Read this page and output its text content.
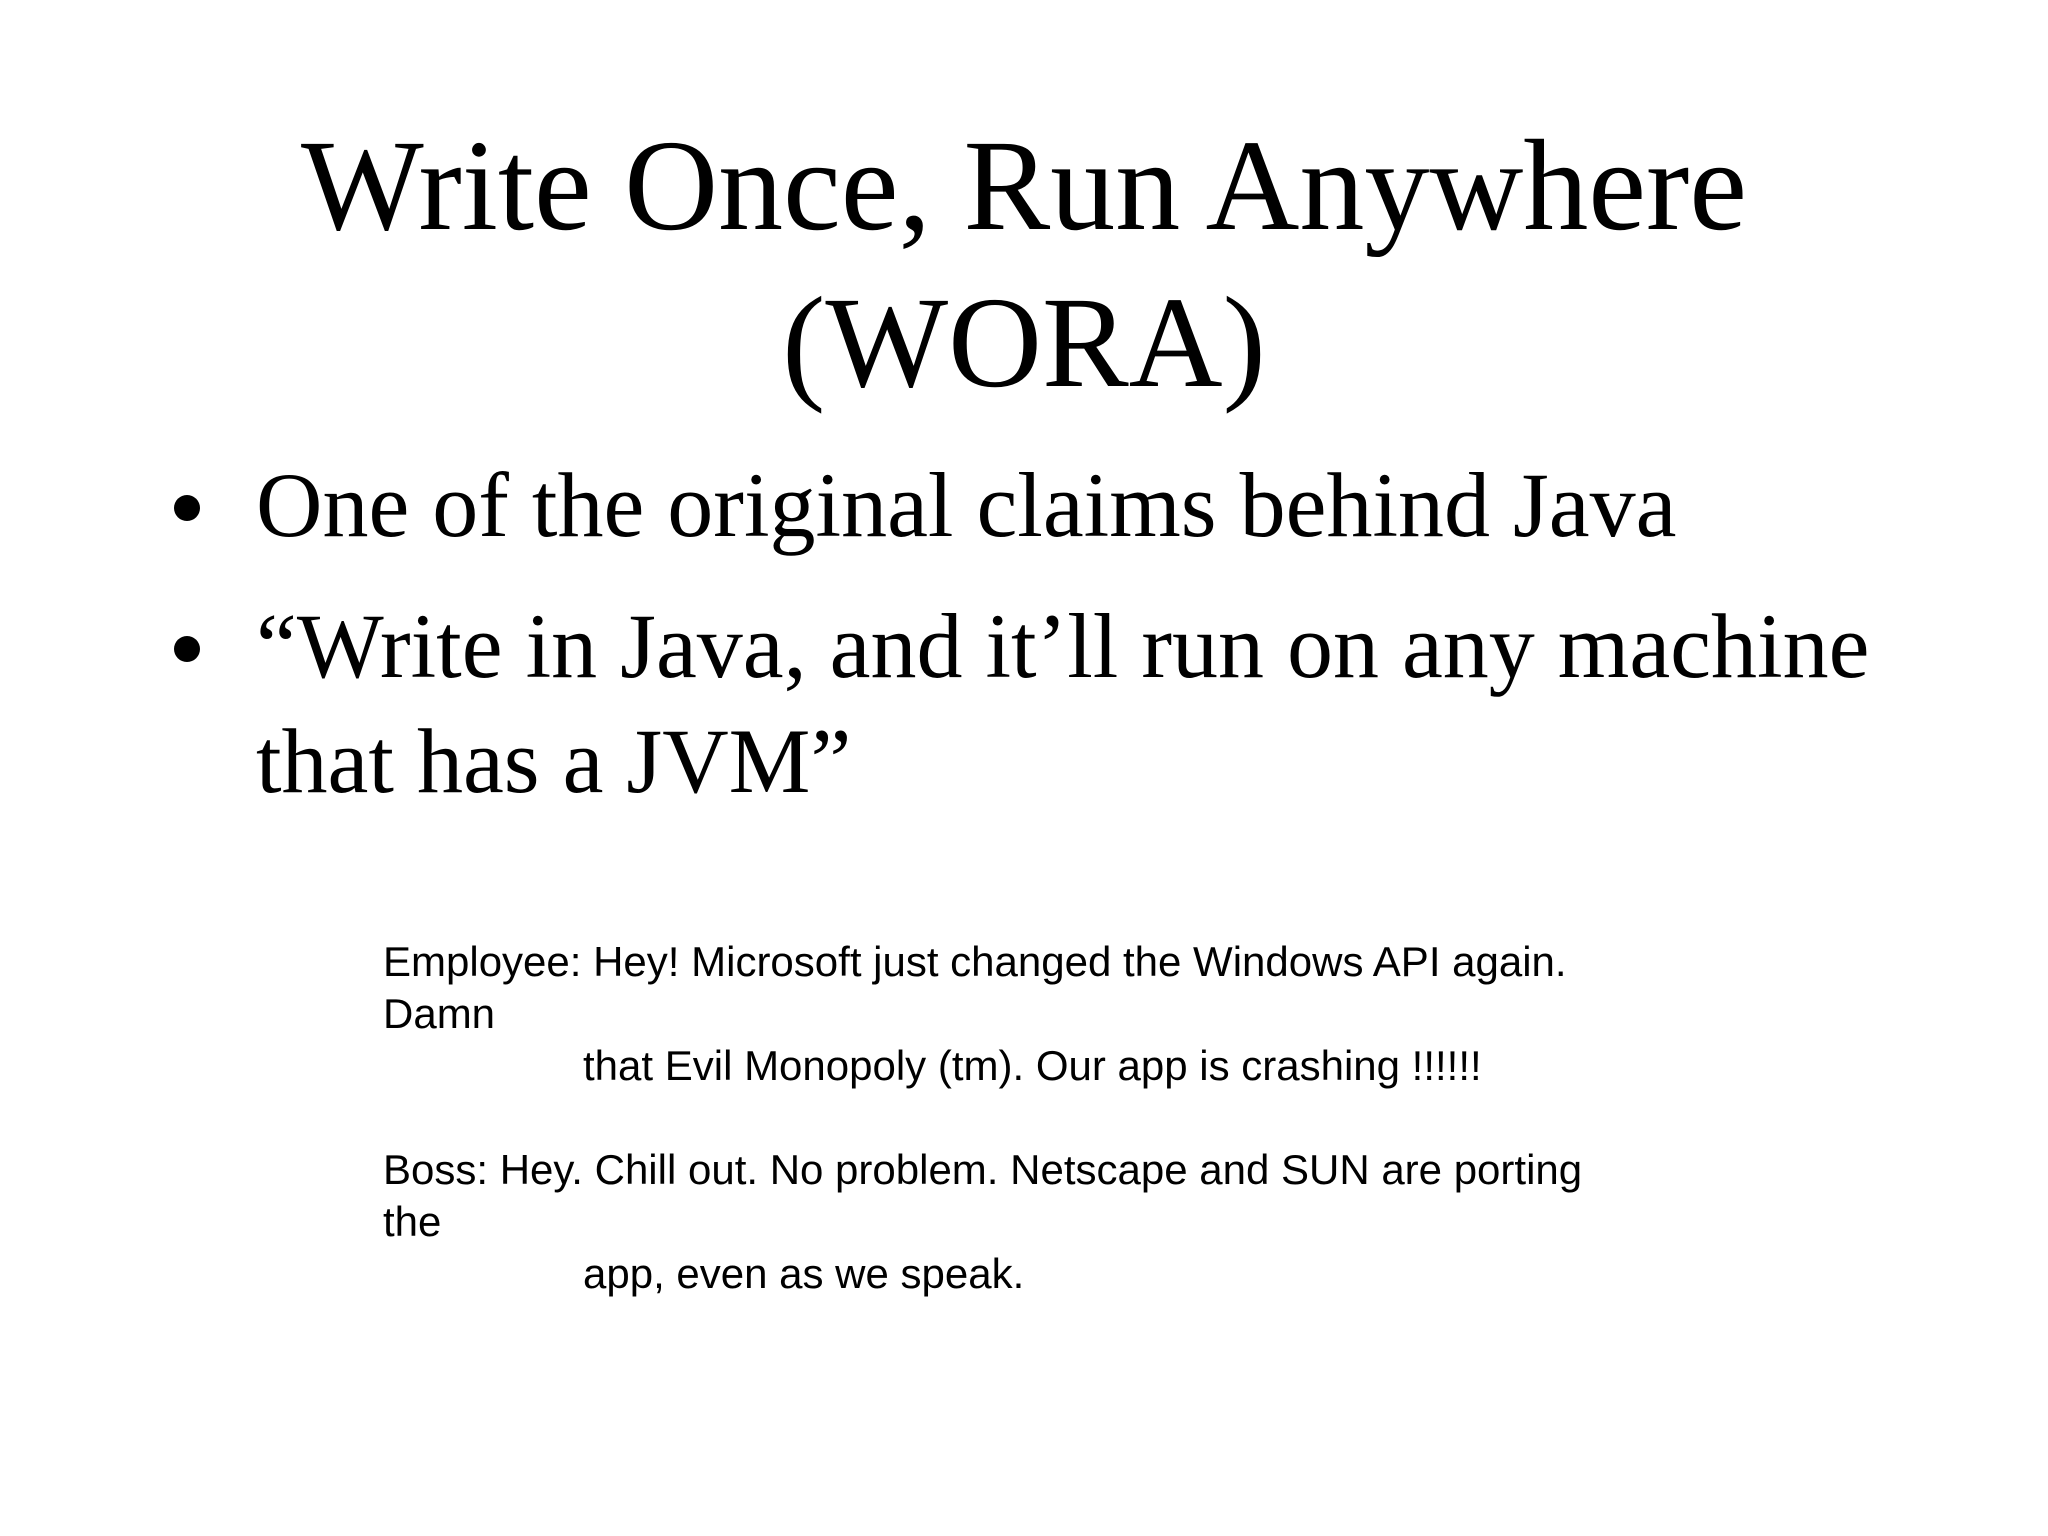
Write Once, Run Anywhere
(WORA)
One of the original claims behind Java
“Write in Java, and it’ll run on any machine
that has a JVM”
Employee: Hey! Microsoft just changed the Windows API again.
Damn
that Evil Monopoly (tm). Our app is crashing !!!!!!
Boss: Hey. Chill out. No problem. Netscape and SUN are porting
the
app, even as we speak.
